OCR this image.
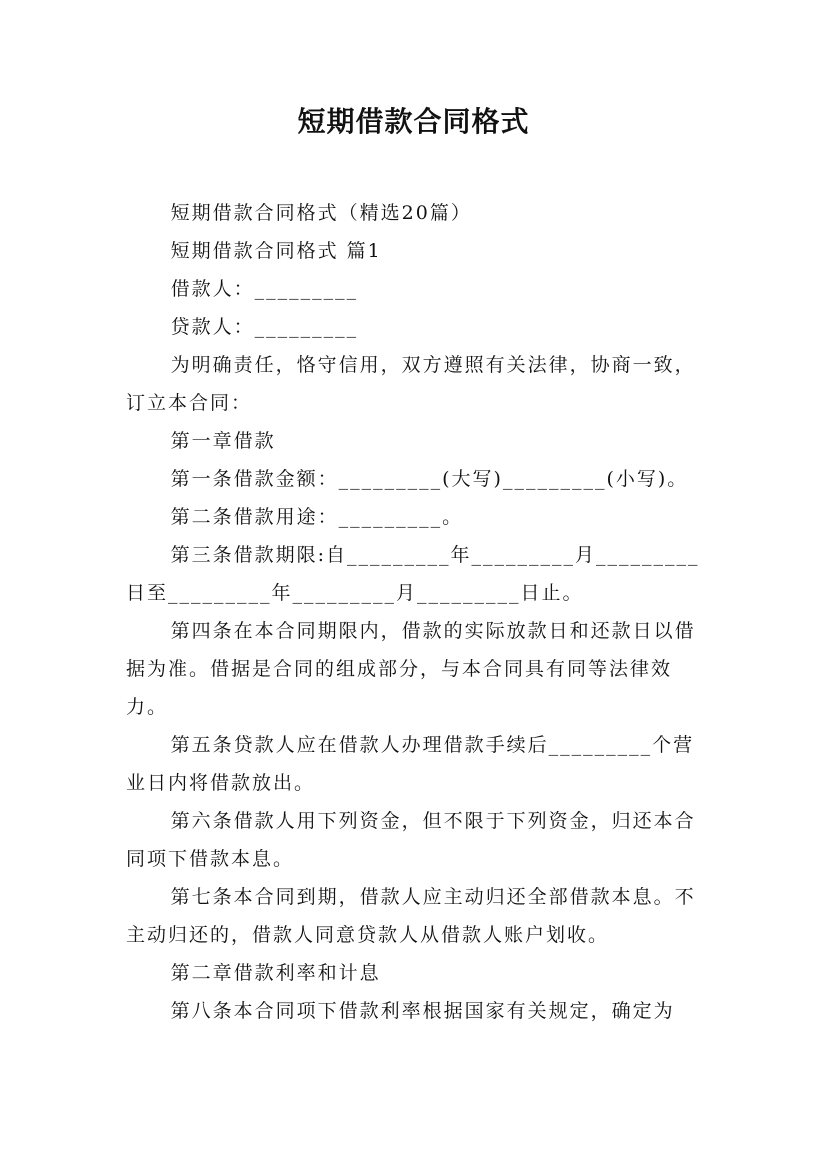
短期借款合同格式

短期借款合同格式（精选20篇）

短期借款合同格式 篇1

借款人：_________

贷款人：_________

为明确责任，恪守信用，双方遵照有关法律，协商一致，订立本合同：

第一章借款

第一条借款金额：_________(大写)_________(小写)。

第二条借款用途：_________。

第三条借款期限:自_________年_________月_________日至_________年_________月_________日止。

第四条在本合同期限内，借款的实际放款日和还款日以借据为准。借据是合同的组成部分，与本合同具有同等法律效力。

第五条贷款人应在借款人办理借款手续后_________个营业日内将借款放出。

第六条借款人用下列资金，但不限于下列资金，归还本合同项下借款本息。

第七条本合同到期，借款人应主动归还全部借款本息。不主动归还的，借款人同意贷款人从借款人账户划收。

第二章借款利率和计息

第八条本合同项下借款利率根据国家有关规定，确定为
